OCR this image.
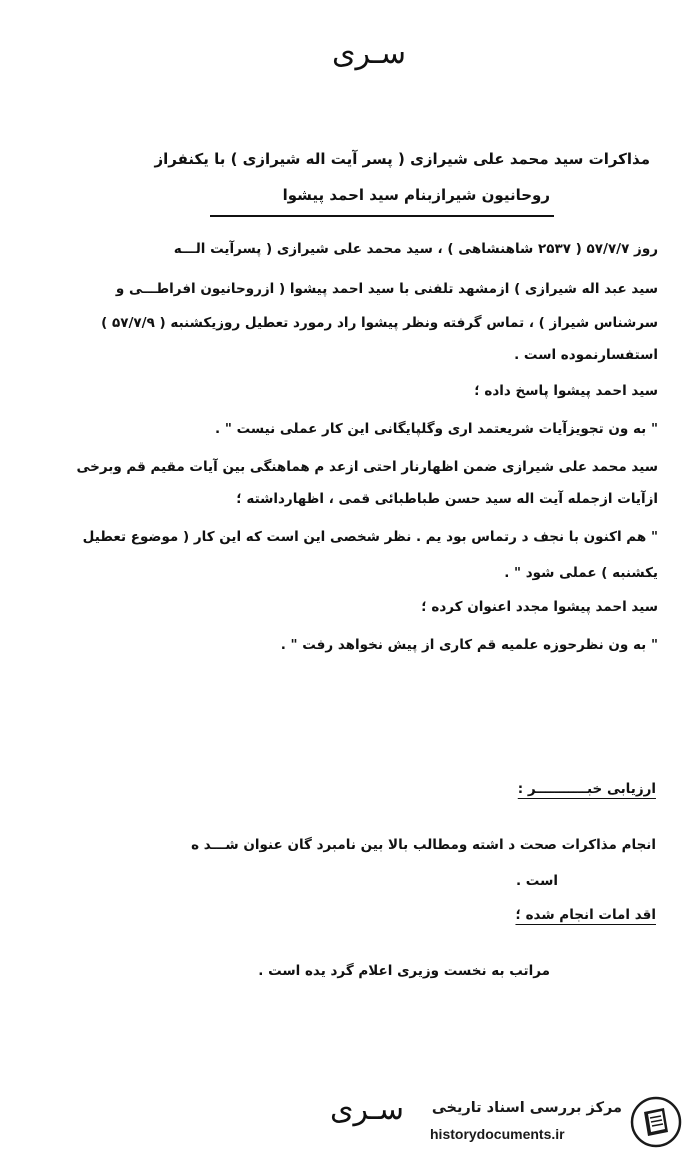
سـری
مذاکرات سید محمد علی شیرازی ( پسر آیت اله شیرازی ) با یکنفراز
روحانیون شیرازبنام سید احمد پیشوا
روز ۵۷/۷/۷ ( ۲۵۳۷ شاهنشاهی ) ، سید محمد علی شیرازی ( پسرآیت الـــه
سید عبد اله شیرازی ) ازمشهد تلفنی با سید احمد پیشوا ( ازروحانیون افراطـــی و
سرشناس شیراز ) ، تماس گرفته ونظر پیشوا راد رمورد تعطیل روزیکشنبه ( ۵۷/۷/۹ )
استفسارنموده است .
سید احمد پیشوا پاسخ داده ؛
" به ون تجویزآیات شریعتمد اری وگلپایگانی این کار عملی نیست " .
سید محمد علی شیرازی ضمن اظهارنار احتی ازعد م هماهنگی بین آیات مقیم قم وبرخی
ازآیات ازجمله آیت اله سید حسن طباطبائی قمی ، اظهارداشته ؛
" هم اکنون با نجف د رتماس بود یم . نظر شخصی این است که این کار ( موضوع تعطیل
یکشنبه ) عملی شود " .
سید احمد پیشوا مجدد اعنوان کرده ؛
" به ون نظرحوزه علمیه قم کاری از پیش نخواهد رفت " .
ارزیابی خبـــــــــــر :
انجام مذاکرات صحت د اشته ومطالب بالا بین نامبرد گان عنوان شـــد ه
است .
اقد امات انجام شده ؛
مراتب به نخست وزیری اعلام گرد یده است .
سـری	مرکز بررسی اسناد تاریخی
historydocuments.ir
